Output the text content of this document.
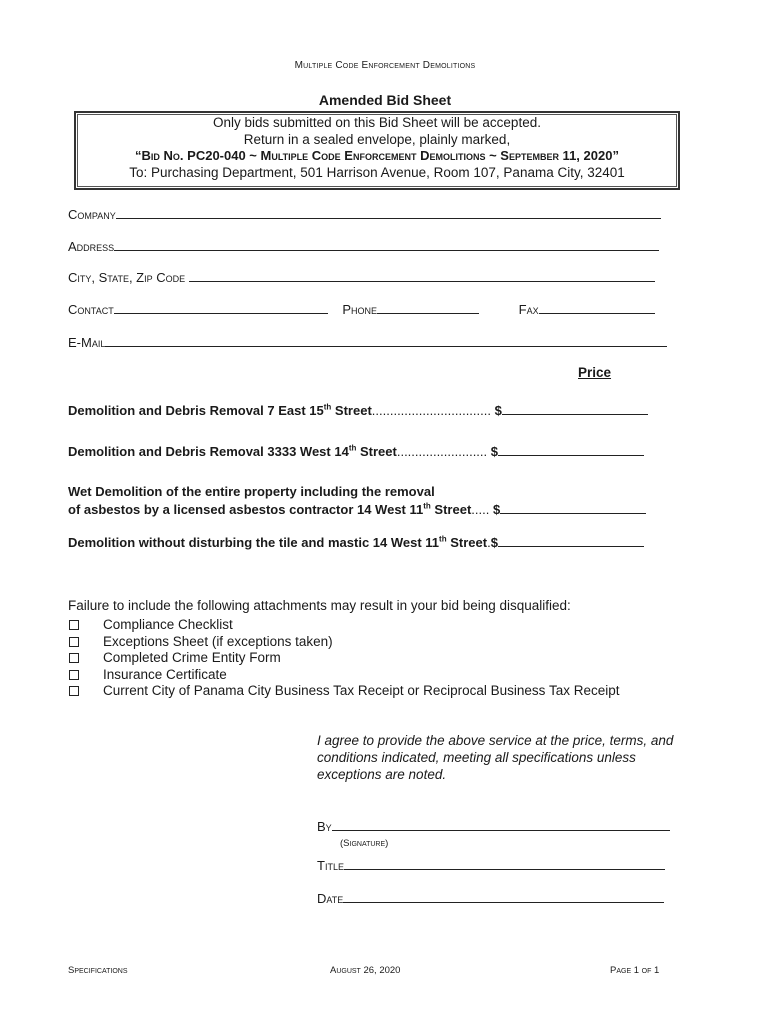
Multiple Code Enforcement Demolitions
Amended Bid Sheet
Only bids submitted on this Bid Sheet will be accepted.
Return in a sealed envelope, plainly marked,
“Bid No. PC20-040 ~ Multiple Code Enforcement Demolitions ~ September 11, 2020”
To: Purchasing Department, 501 Harrison Avenue, Room 107, Panama City, 32401
Company
Address
City, State, Zip Code
Contact	Phone	Fax
E-Mail
Price
Demolition and Debris Removal 7 East 15th Street................................. $
Demolition and Debris Removal 3333 West 14th Street......................... $
Wet Demolition of the entire property including the removal
of asbestos by a licensed asbestos contractor 14 West 11th Street..... $
Demolition without disturbing the tile and mastic 14 West 11th Street.$
Failure to include the following attachments may result in your bid being disqualified:
Compliance Checklist
Exceptions Sheet (if exceptions taken)
Completed Crime Entity Form
Insurance Certificate
Current City of Panama City Business Tax Receipt or Reciprocal Business Tax Receipt
I agree to provide the above service at the price, terms, and conditions indicated, meeting all specifications unless exceptions are noted.
By
(Signature)
Title
Date
Specifications	August 26, 2020	Page 1 of 1
